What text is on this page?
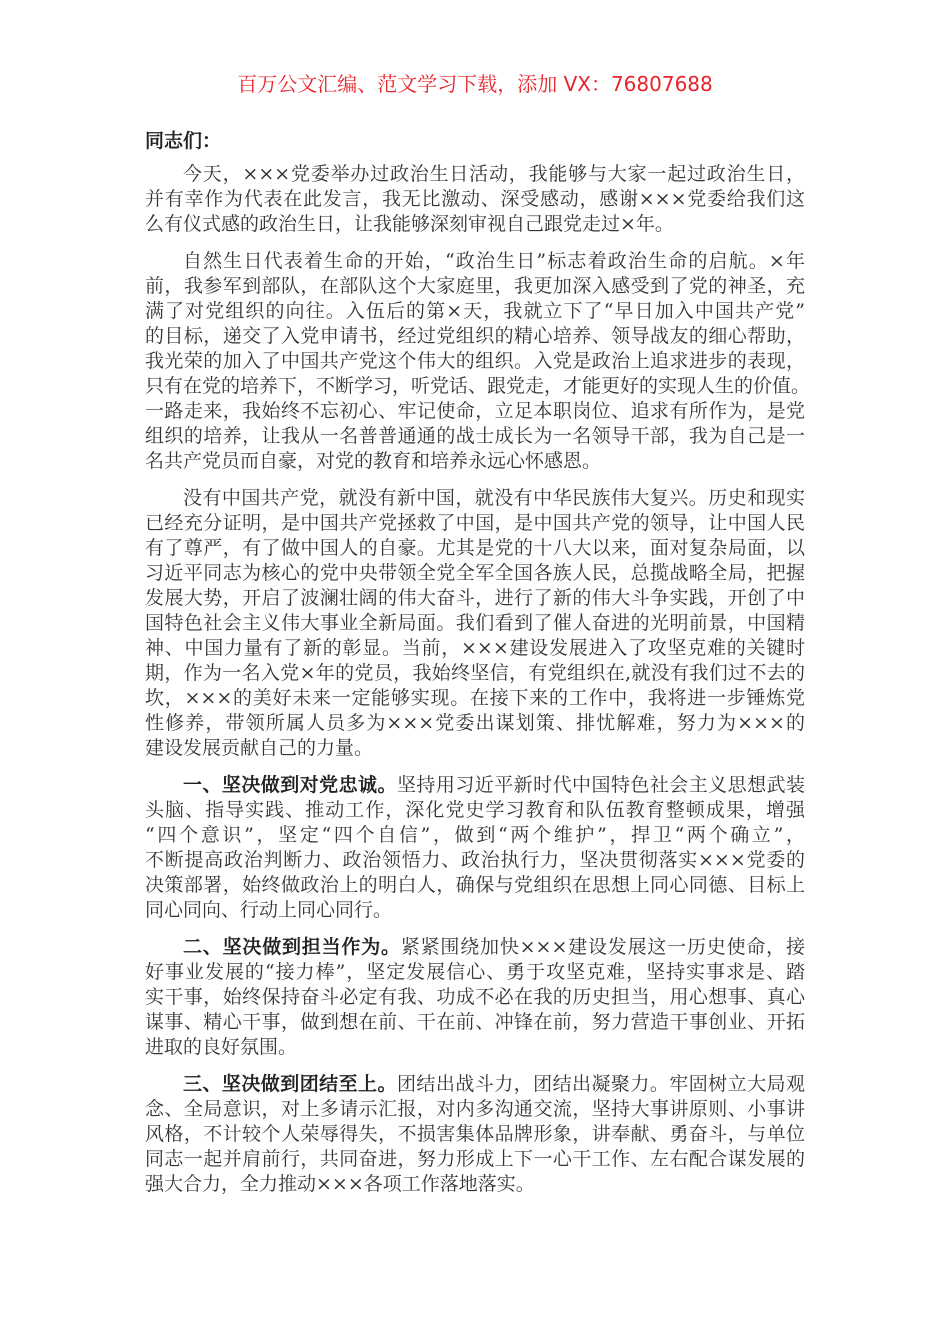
百万公文汇编、范文学习下载，添加 VX：76807688
同志们：
今天，×××党委举办过政治生日活动，我能够与大家一起过政治生日，
并有幸作为代表在此发言，我无比激动、深受感动，感谢×××党委给我们这
么有仪式感的政治生日，让我能够深刻审视自己跟党走过×年。
自然生日代表着生命的开始，“政治生日”标志着政治生命的启航。×年
前，我参军到部队，在部队这个大家庭里，我更加深入感受到了党的神圣，充
满了对党组织的向往。入伍后的第×天，我就立下了“早日加入中国共产党”
的目标，递交了入党申请书，经过党组织的精心培养、领导战友的细心帮助，
我光荣的加入了中国共产党这个伟大的组织。入党是政治上追求进步的表现，
只有在党的培养下，不断学习，听党话、跟党走，才能更好的实现人生的价值。
一路走来，我始终不忘初心、牢记使命，立足本职岗位、追求有所作为，是党
组织的培养，让我从一名普普通通的战士成长为一名领导干部，我为自己是一
名共产党员而自豪，对党的教育和培养永远心怀感恩。
没有中国共产党，就没有新中国，就没有中华民族伟大复兴。历史和现实
已经充分证明，是中国共产党拯救了中国，是中国共产党的领导，让中国人民
有了尊严，有了做中国人的自豪。尤其是党的十八大以来，面对复杂局面，以
习近平同志为核心的党中央带领全党全军全国各族人民，总揽战略全局，把握
发展大势，开启了波澜壮阔的伟大奋斗，进行了新的伟大斗争实践，开创了中
国特色社会主义伟大事业全新局面。我们看到了催人奋进的光明前景，中国精
神、中国力量有了新的彰显。当前，×××建设发展进入了攻坚克难的关键时
期，作为一名入党×年的党员，我始终坚信，有党组织在,就没有我们过不去的
坎，×××的美好未来一定能够实现。在接下来的工作中，我将进一步锤炼党
性修养，带领所属人员多为×××党委出谋划策、排忧解难，努力为×××的
建设发展贡献自己的力量。
一、坚决做到对党忠诚。坚持用习近平新时代中国特色社会主义思想武装
头脑、指导实践、推动工作，深化党史学习教育和队伍教育整顿成果，增强
“四个意识”，坚定“四个自信”，做到“两个维护”，捍卫“两个确立”，
不断提高政治判断力、政治领悟力、政治执行力，坚决贯彻落实×××党委的
决策部署，始终做政治上的明白人，确保与党组织在思想上同心同德、目标上
同心同向、行动上同心同行。
二、坚决做到担当作为。紧紧围绕加快×××建设发展这一历史使命，接
好事业发展的“接力棒”，坚定发展信心、勇于攻坚克难，坚持实事求是、踏
实干事，始终保持奋斗必定有我、功成不必在我的历史担当，用心想事、真心
谋事、精心干事，做到想在前、干在前、冲锋在前，努力营造干事创业、开拓
进取的良好氛围。
三、坚决做到团结至上。团结出战斗力，团结出凝聚力。牢固树立大局观
念、全局意识，对上多请示汇报，对内多沟通交流，坚持大事讲原则、小事讲
风格，不计较个人荣辱得失，不损害集体品牌形象，讲奉献、勇奋斗，与单位
同志一起并肩前行，共同奋进，努力形成上下一心干工作、左右配合谋发展的
强大合力，全力推动×××各项工作落地落实。
